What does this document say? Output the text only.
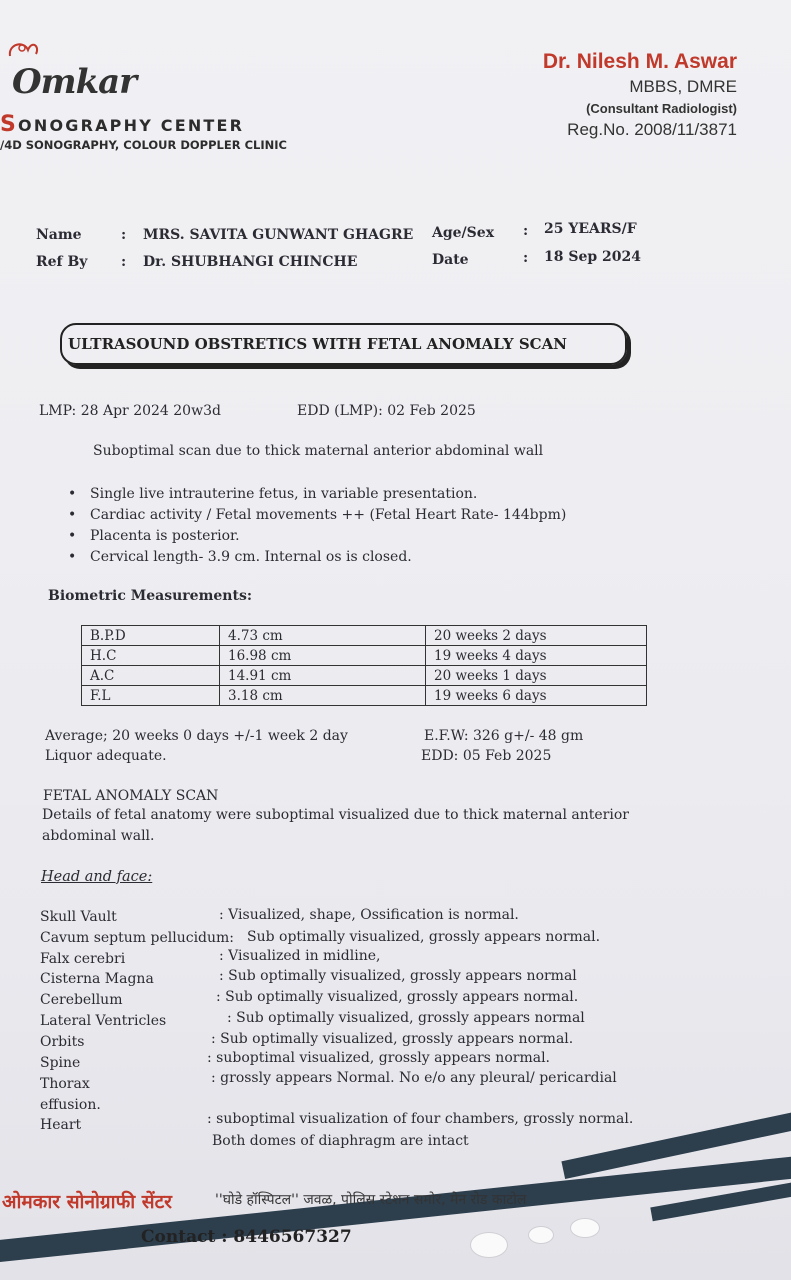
Omkar
SONOGRAPHY CENTER
/4D SONOGRAPHY, COLOUR DOPPLER CLINIC
Dr. Nilesh M. Aswar
MBBS, DMRE
(Consultant Radiologist)
Reg.No. 2008/11/3871
Name	: MRS. SAVITA GUNWANT GHAGRE
Ref By : Dr. SHUBHANGI CHINCHE
Age/Sex : 25 YEARS/F
Date	: 18 Sep 2024
ULTRASOUND OBSTRETICS WITH FETAL ANOMALY SCAN
LMP: 28 Apr 2024 20w3d	EDD (LMP): 02 Feb 2025
Suboptimal scan due to thick maternal anterior abdominal wall
• Single live intrauterine fetus, in variable presentation.
• Cardiac activity / Fetal movements ++ (Fetal Heart Rate- 144bpm)
• Placenta is posterior.
• Cervical length- 3.9 cm. Internal os is closed.
Biometric Measurements:
B.P.D	4.73 cm	20 weeks 2 days
H.C	16.98 cm	19 weeks 4 days
A.C	14.91 cm	20 weeks 1 days
F.L	3.18 cm	19 weeks 6 days
Average; 20 weeks 0 days +/-1 week 2 day
Liquor adequate.
E.F.W: 326 g+/- 48 gm
EDD: 05 Feb 2025
FETAL ANOMALY SCAN
Details of fetal anatomy were suboptimal visualized due to thick maternal anterior
abdominal wall.
Head and face:
Skull Vault	: Visualized, shape, Ossification is normal.
Cavum septum pellucidum: Sub optimally visualized, grossly appears normal.
Falx cerebri	: Visualized in midline,
Cisterna Magna	: Sub optimally visualized, grossly appears normal
Cerebellum	: Sub optimally visualized, grossly appears normal.
Lateral Ventricles	: Sub optimally visualized, grossly appears normal
Orbits	: Sub optimally visualized, grossly appears normal.
Spine	: suboptimal visualized, grossly appears normal.
Thorax	: grossly appears Normal. No e/o any pleural/ pericardial
effusion.
Heart	: suboptimal visualization of four chambers, grossly normal.
Both domes of diaphragm are intact
ओमकार सोनोग्राफी सेंटर	''घोडे हॉस्पिटल'' जवळ, पोलिस स्टेशन समोर, मेन रोड काटोल
Contact : 8446567327
